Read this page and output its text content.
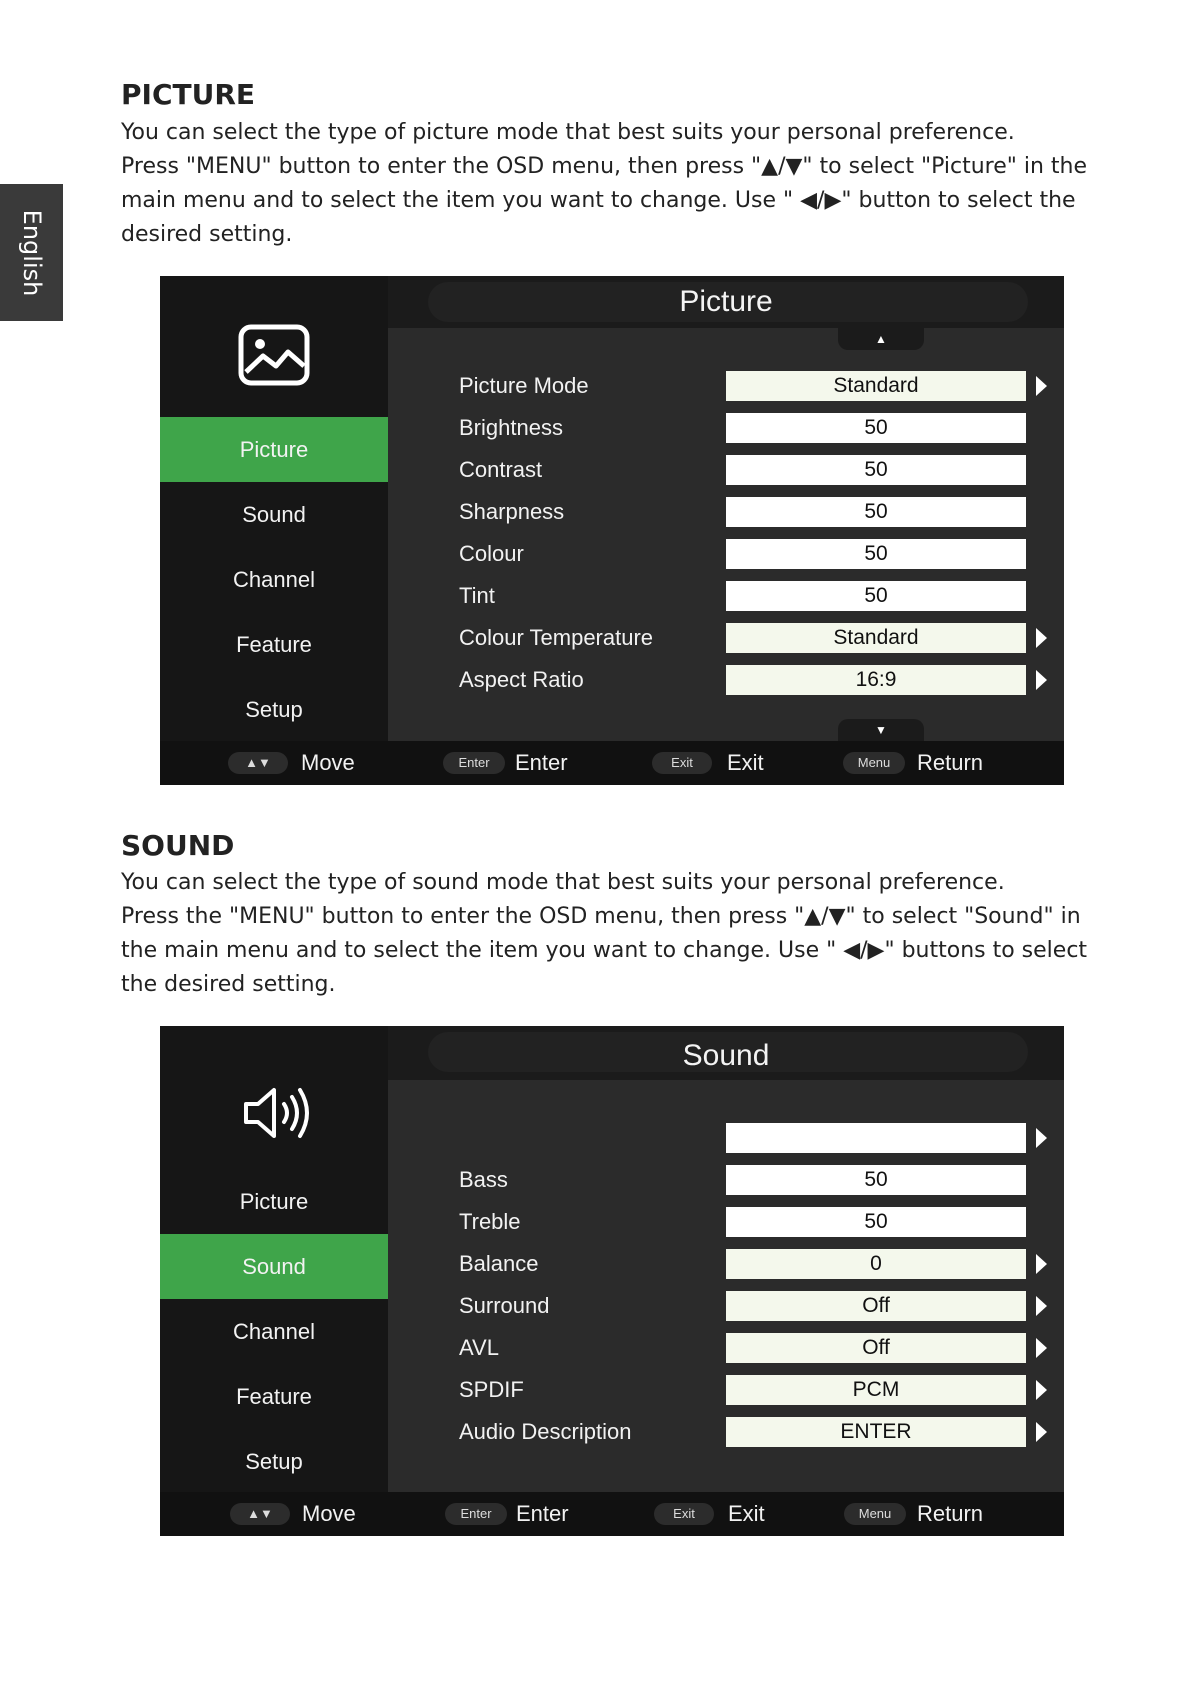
English
PICTURE
You can select the type of picture mode that best suits your personal preference.
Press "MENU" button to enter the OSD menu, then press "▲/▼" to select "Picture" in the
main menu and to select the item you want to change. Use " ◀/▶" button to select the
desired setting.
Picture
Sound
Channel
Feature
Setup
Picture
▲
Picture Mode	Standard
Brightness	50
Contrast	50
Sharpness	50
Colour	50
Tint	50
Colour Temperature	Standard
Aspect Ratio	16:9
▼
▲▼	Move	Enter	Enter	Exit	Exit	Menu	Return
SOUND
You can select the type of sound mode that best suits your personal preference.
Press the "MENU" button to enter the OSD menu, then press "▲/▼" to select "Sound" in
the main menu and to select the item you want to change. Use " ◀/▶" buttons to select
the desired setting.
Picture
Sound
Channel
Feature
Setup
Sound
Bass	50
Treble	50
Balance	0
Surround	Off
AVL	Off
SPDIF	PCM
Audio Description	ENTER
▲▼	Move	Enter	Enter	Exit	Exit	Menu	Return
